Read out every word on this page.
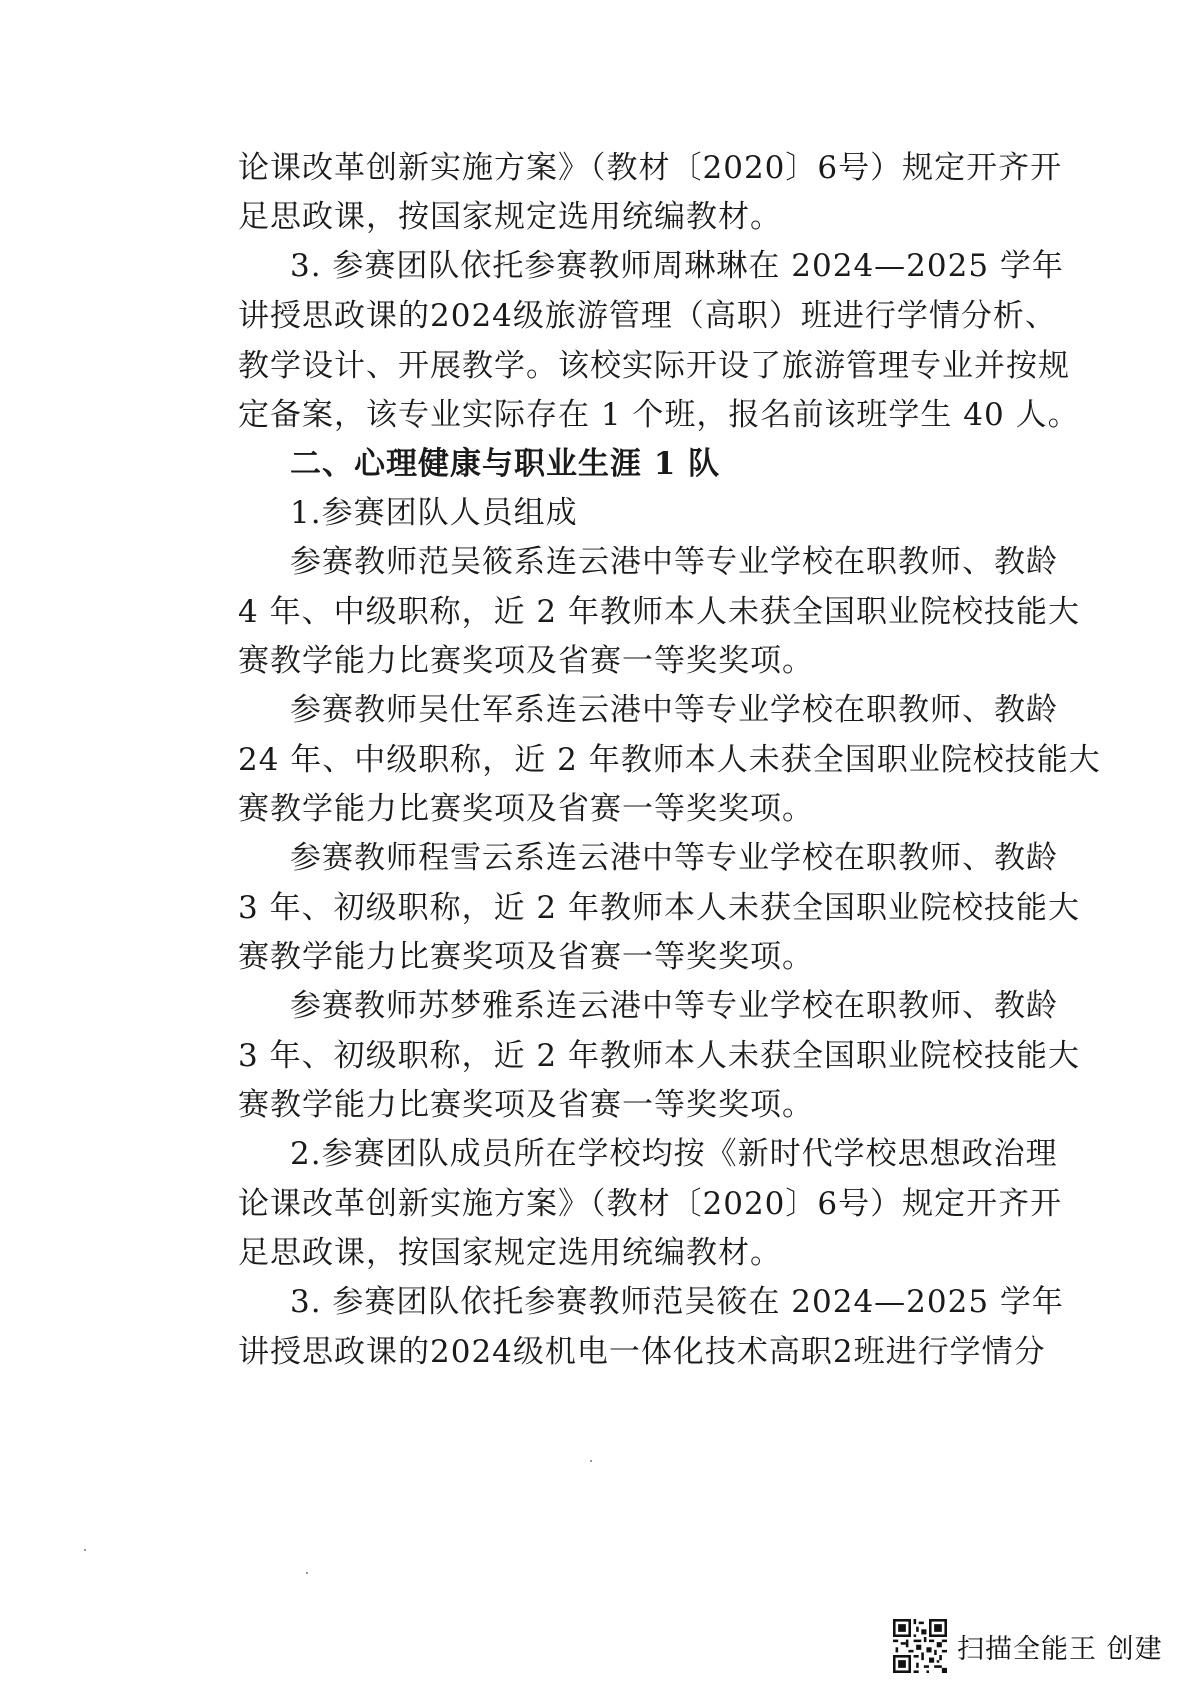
论课改革创新实施方案》（教材〔2020〕6号）规定开齐开
足思政课，按国家规定选用统编教材。
3. 参赛团队依托参赛教师周琳琳在 2024—2025 学年
讲授思政课的2024级旅游管理（高职）班进行学情分析、
教学设计、开展教学。该校实际开设了旅游管理专业并按规
定备案，该专业实际存在 1 个班，报名前该班学生 40 人。
二、心理健康与职业生涯 1 队
1.参赛团队人员组成
参赛教师范吴筱系连云港中等专业学校在职教师、教龄
4 年、中级职称，近 2 年教师本人未获全国职业院校技能大
赛教学能力比赛奖项及省赛一等奖奖项。
参赛教师吴仕军系连云港中等专业学校在职教师、教龄
24 年、中级职称，近 2 年教师本人未获全国职业院校技能大
赛教学能力比赛奖项及省赛一等奖奖项。
参赛教师程雪云系连云港中等专业学校在职教师、教龄
3 年、初级职称，近 2 年教师本人未获全国职业院校技能大
赛教学能力比赛奖项及省赛一等奖奖项。
参赛教师苏梦雅系连云港中等专业学校在职教师、教龄
3 年、初级职称，近 2 年教师本人未获全国职业院校技能大
赛教学能力比赛奖项及省赛一等奖奖项。
2.参赛团队成员所在学校均按《新时代学校思想政治理
论课改革创新实施方案》（教材〔2020〕6号）规定开齐开
足思政课，按国家规定选用统编教材。
3. 参赛团队依托参赛教师范吴筱在 2024—2025 学年
讲授思政课的2024级机电一体化技术高职2班进行学情分
扫描全能王 创建
